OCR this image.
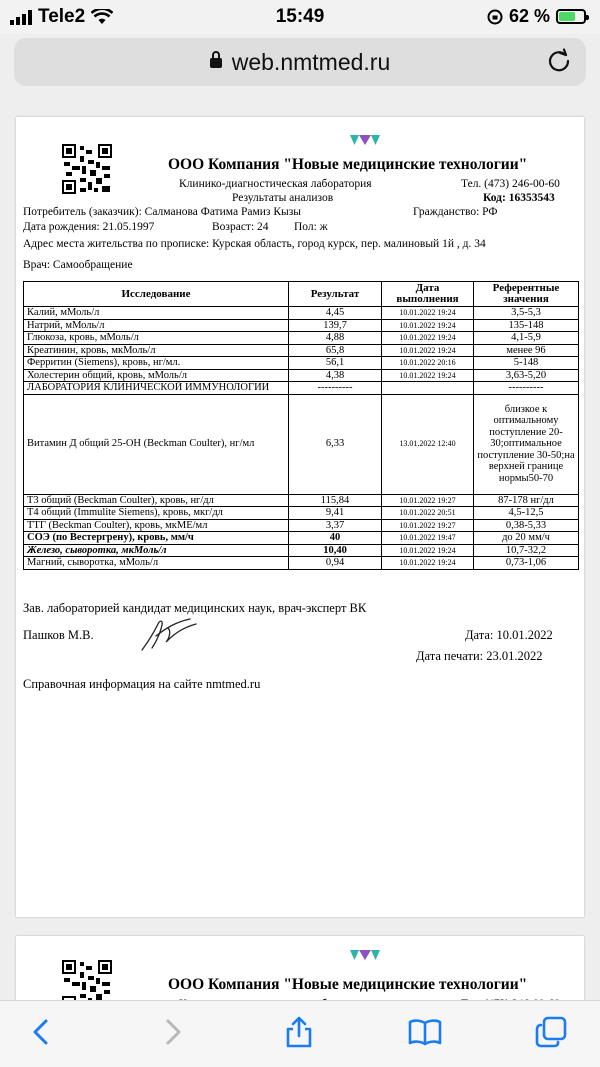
Tele2	15:49	62 %
web.nmtmed.ru
ООО Компания "Новые медицинские технологии"
Клинико-диагностическая лаборатория	Тел. (473) 246-00-60
Результаты анализов	Код: 16353543
Потребитель (заказчик): Салманова Фатима Рамиз Кызы	Гражданство: РФ
Дата рождения: 21.05.1997	Возраст: 24 Пол: ж
Адрес места жительства по прописке: Курская область, город курск, пер. малиновый 1й , д. 34
Врач: Самообращение
Исследование	Результат	Дата выполнения	Референтные значения
Калий, мМоль/л	4,45	10.01.2022 19:24	3,5-5,3
Натрий, мМоль/л	139,7	10.01.2022 19:24	135-148
Глюкоза, кровь, мМоль/л	4,88	10.01.2022 19:24	4,1-5,9
Креатинин, кровь, мкМоль/л	65,8	10.01.2022 19:24	менее 96
Ферритин (Siemens), кровь, нг/мл.	56,1	10.01.2022 20:16	5-148
Холестерин общий, кровь, мМоль/л	4,38	10.01.2022 19:24	3,63-5,20
ЛАБОРАТОРИЯ КЛИНИЧЕСКОЙ ИММУНОЛОГИИ	----------		----------
Витамин Д общий 25-ОН (Beckman Coulter), нг/мл	6,33	13.01.2022 12:40	близкое к оптимальному поступление 20-30;оптимальное поступление 30-50;на верхней границе нормы50-70
Т3 общий (Beckman Coulter), кровь, нг/дл	115,84	10.01.2022 19:27	87-178 нг/дл
Т4 общий (Immulite Siemens), кровь, мкг/дл	9,41	10.01.2022 20:51	4,5-12,5
ТТГ (Beckman Coulter), кровь, мкМЕ/мл	3,37	10.01.2022 19:27	0,38-5,33
СОЭ (по Вестергрену), кровь, мм/ч	40	10.01.2022 19:47	до 20 мм/ч
Железо, сыворотка, мкМоль/л	10,40	10.01.2022 19:24	10,7-32,2
Магний, сыворотка, мМоль/л	0,94	10.01.2022 19:24	0,73-1,06
Зав. лабораторией кандидат медицинских наук, врач-эксперт ВК
Пашков М.В.	Дата: 10.01.2022
Дата печати: 23.01.2022
Справочная информация на сайте nmtmed.ru
ООО Компания "Новые медицинские технологии"
